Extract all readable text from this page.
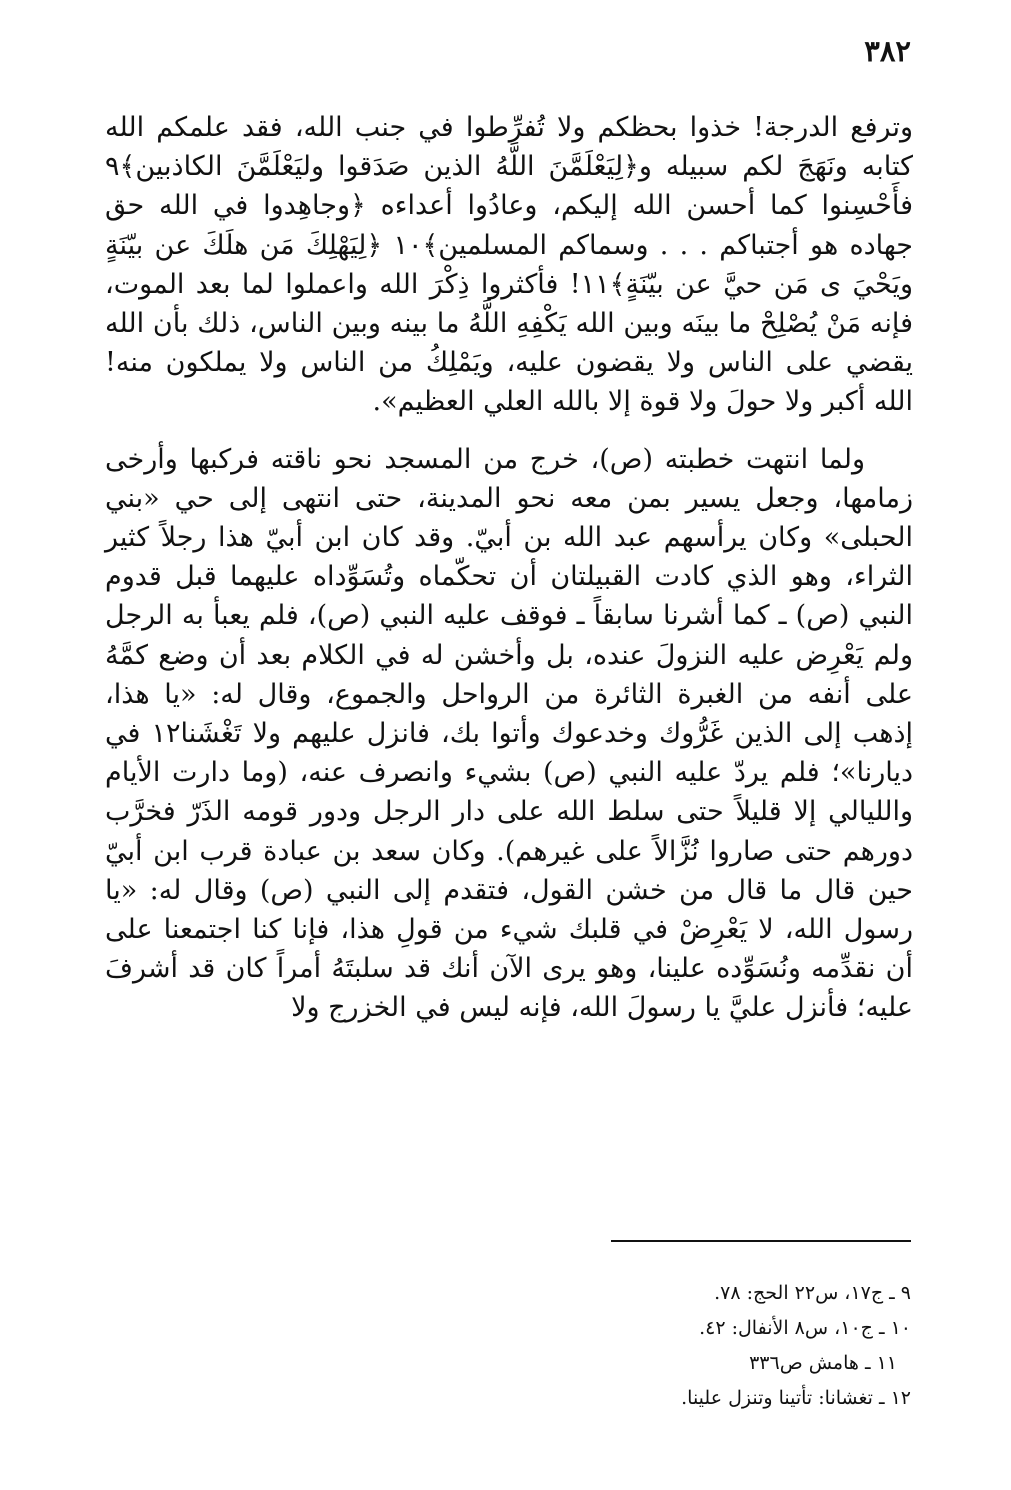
٣٨٢

وترفع الدرجة! خذوا بحظكم ولا تُفرِّطوا في جنب الله، فقد علمكم الله كتابه ونَهَجَ لكم سبيله و﴿لِيَعْلَمَّنَ اللَّهُ الذين صَدَقوا وليَعْلَمَّنَ الكاذبين﴾٩ فأَحْسِنوا كما أحسن الله إليكم، وعادُوا أعداءه ﴿وجاهِدوا في الله حق جهاده هو أجتباكم . . . وسماكم المسلمين﴾١٠ ﴿لِيَهْلِكَ مَن هلَكَ عن بيّنَةٍ ويَحْيَ ى مَن حيَّ عن بيّنَةٍ﴾١١! فأكثروا ذِكْرَ الله واعملوا لما بعد الموت، فإنه مَنْ يُصْلِحْ ما بينَه وبين الله يَكْفِهِ اللَّهُ ما بينه وبين الناس، ذلك بأن الله يقضي على الناس ولا يقضون عليه، ويَمْلِكُ من الناس ولا يملكون منه! الله أكبر ولا حولَ ولا قوة إلا بالله العلي العظيم».

ولما انتهت خطبته (ص)، خرج من المسجد نحو ناقته فركبها وأرخى زمامها، وجعل يسير بمن معه نحو المدينة، حتى انتهى إلى حي «بني الحبلى» وكان يرأسهم عبد الله بن أبيّ. وقد كان ابن أبيّ هذا رجلاً كثير الثراء، وهو الذي كادت القبيلتان أن تحكّماه وتُسَوِّداه عليهما قبل قدوم النبي (ص) ـ كما أشرنا سابقاً ـ فوقف عليه النبي (ص)، فلم يعبأ به الرجل ولم يَعْرِض عليه النزولَ عنده، بل وأخشن له في الكلام بعد أن وضع كمَّهُ على أنفه من الغبرة الثائرة من الرواحل والجموع، وقال له: «يا هذا، إذهب إلى الذين غَرُّوك وخدعوك وأتوا بك، فانزل عليهم ولا تَغْشَنا١٢ في ديارنا»؛ فلم يردّ عليه النبي (ص) بشيء وانصرف عنه، (وما دارت الأيام والليالي إلا قليلاً حتى سلط الله على دار الرجل ودور قومه الذَرّ فخرَّب دورهم حتى صاروا نُزَّالاً على غيرهم). وكان سعد بن عبادة قرب ابن أبيّ حين قال ما قال من خشن القول، فتقدم إلى النبي (ص) وقال له: «يا رسول الله، لا يَعْرِضْ في قلبك شيء من قولِ هذا، فإنا كنا اجتمعنا على أن نقدِّمه ونُسَوِّده علينا، وهو يرى الآن أنك قد سلبتَهُ أمراً كان قد أشرفَ عليه؛ فأنزل عليَّ يا رسولَ الله، فإنه ليس في الخزرج ولا

٩ ـ ج١٧، س٢٢ الحج: ٧٨.
١٠ ـ ج١٠، س٨ الأنفال: ٤٢.
١١ ـ هامش ص٣٣٦
١٢ ـ تغشانا: تأتينا وتنزل علينا.
